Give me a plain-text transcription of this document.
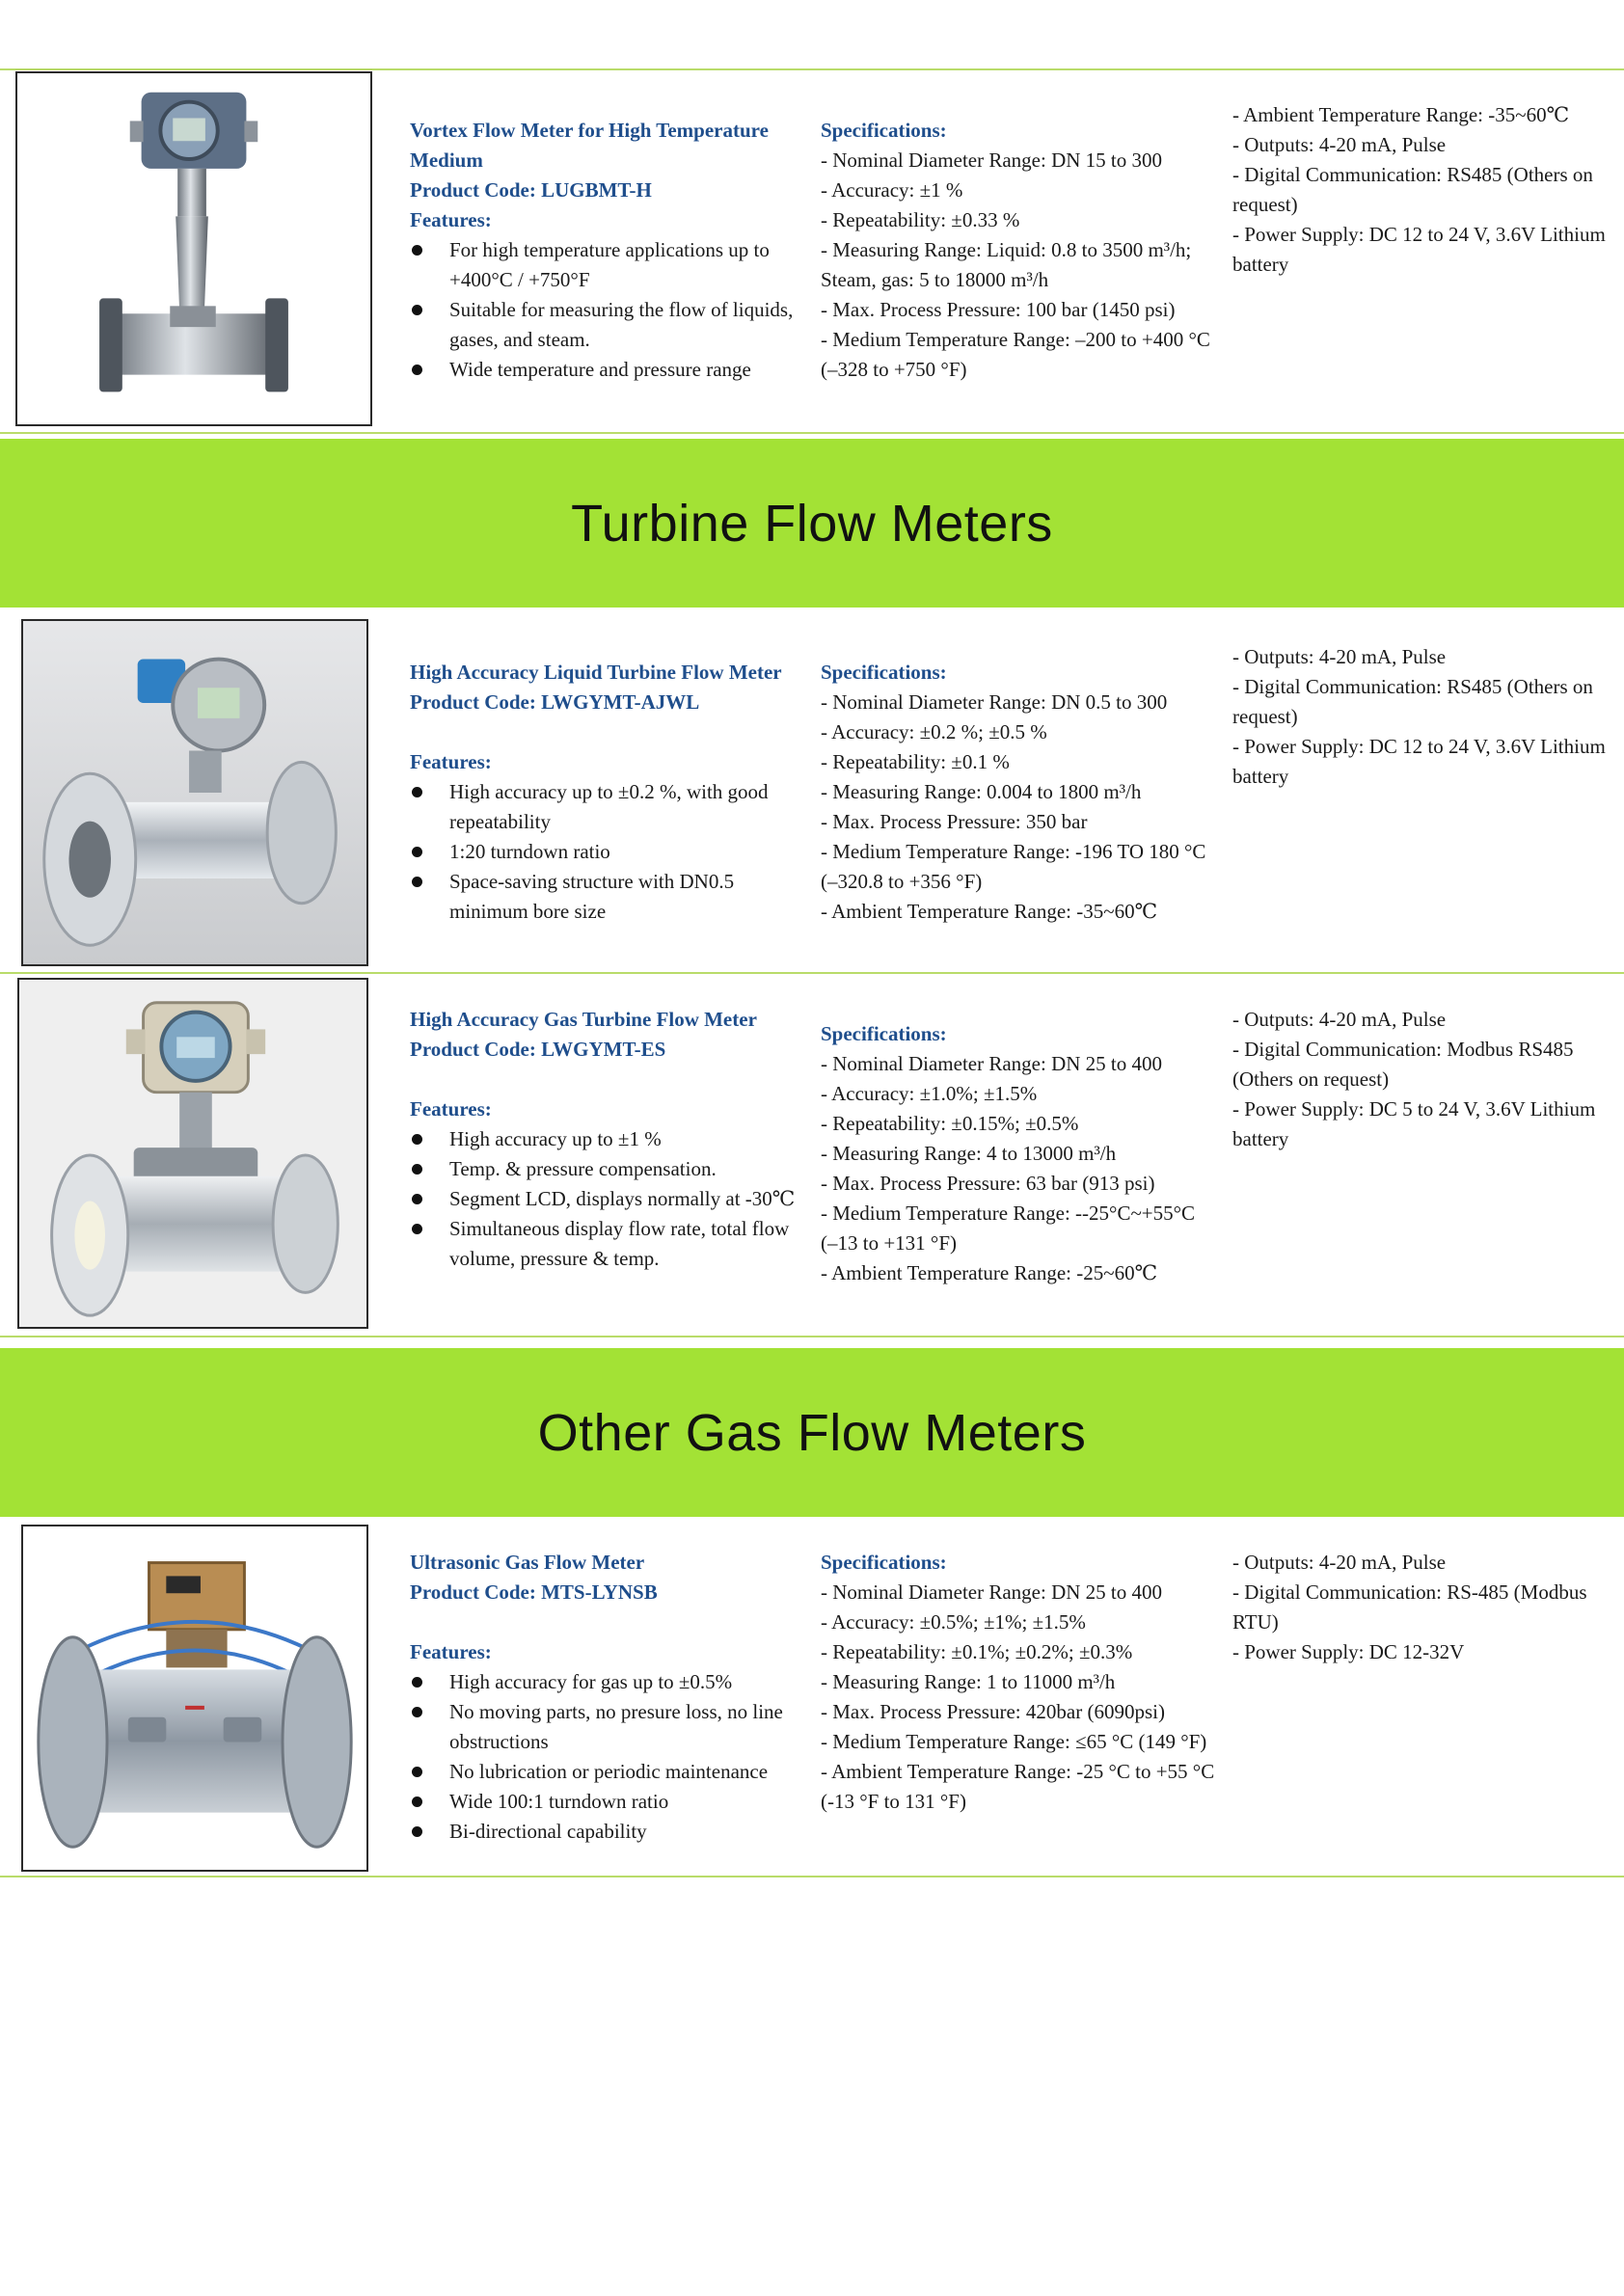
Turbine Flow Meters
Other Gas Flow Meters
Vortex Flow Meter for High Temperature Medium
Product Code: LUGBMT-H
Features:
For high temperature applications up to +400°C / +750°F
Suitable for measuring the flow of liquids, gases, and steam.
Wide temperature and pressure range
Specifications:
- Nominal Diameter Range: DN 15 to 300
- Accuracy: ±1 %
- Repeatability: ±0.33 %
- Measuring Range: Liquid: 0.8 to 3500 m³/h; Steam, gas: 5 to 18000 m³/h
- Max. Process Pressure: 100 bar (1450 psi)
- Medium Temperature Range: –200 to +400 °C (–328 to +750 °F)
- Ambient Temperature Range: -35~60℃
- Outputs: 4-20 mA, Pulse
- Digital Communication: RS485 (Others on request)
- Power Supply: DC 12 to 24 V, 3.6V Lithium battery
High Accuracy Liquid Turbine Flow Meter
Product Code: LWGYMT-AJWL
Features:
High accuracy up to ±0.2 %, with good repeatability
1:20 turndown ratio
Space-saving structure with DN0.5 minimum bore size
Specifications:
- Nominal Diameter Range: DN 0.5 to 300
- Accuracy: ±0.2 %; ±0.5 %
- Repeatability: ±0.1 %
- Measuring Range: 0.004 to 1800 m³/h
- Max. Process Pressure: 350 bar
- Medium Temperature Range: -196 TO 180 °C (–320.8 to +356 °F)
- Ambient Temperature Range: -35~60℃
- Outputs: 4-20 mA, Pulse
- Digital Communication: RS485 (Others on request)
- Power Supply: DC 12 to 24 V, 3.6V Lithium battery
High Accuracy Gas Turbine Flow Meter
Product Code: LWGYMT-ES
Features:
High accuracy up to ±1 %
Temp. & pressure compensation.
Segment LCD, displays normally at -30℃
Simultaneous display flow rate, total flow volume, pressure & temp.
Specifications:
- Nominal Diameter Range: DN 25 to 400
- Accuracy: ±1.0%; ±1.5%
- Repeatability: ±0.15%; ±0.5%
- Measuring Range: 4 to 13000 m³/h
- Max. Process Pressure: 63 bar (913 psi)
- Medium Temperature Range: --25°C~+55°C (–13 to +131 °F)
- Ambient Temperature Range: -25~60℃
- Outputs: 4-20 mA, Pulse
- Digital Communication: Modbus RS485 (Others on request)
- Power Supply: DC 5 to 24 V, 3.6V Lithium battery
Ultrasonic Gas Flow Meter
Product Code: MTS-LYNSB
Features:
High accuracy for gas up to ±0.5%
No moving parts, no presure loss, no line obstructions
No lubrication or periodic maintenance
Wide 100:1 turndown ratio
Bi-directional capability
Specifications:
- Nominal Diameter Range: DN 25 to 400
- Accuracy: ±0.5%; ±1%; ±1.5%
- Repeatability: ±0.1%; ±0.2%; ±0.3%
- Measuring Range: 1 to 11000 m³/h
- Max. Process Pressure: 420bar (6090psi)
- Medium Temperature Range: ≤65 °C (149 °F)
- Ambient Temperature Range: -25 °C to +55 °C (-13 °F to 131 °F)
- Outputs: 4-20 mA, Pulse
- Digital Communication: RS-485 (Modbus RTU)
- Power Supply: DC 12-32V
